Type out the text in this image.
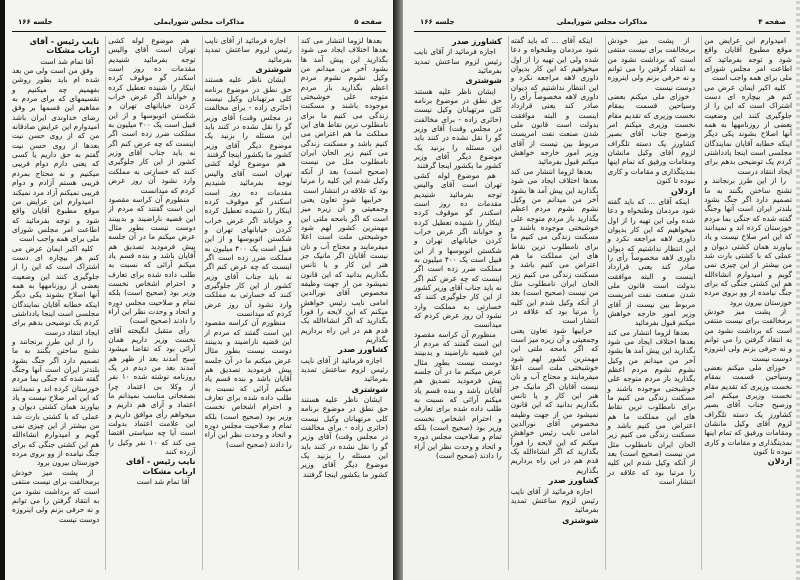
صفحه ۵
مذاکرات مجلس شورایملی
جلسه ۱۶۶

بعدها لزوما انتشار می کند بعدها اختلاف ایجاد می شود بگذارید این پیش آمد ها بشود آخر من میدانم من وکیل نشوم نشوم مردم اعظم بگذارید باز مردم متوجه علی خوشبختی موجوده باشند و مسکنت زندگی می کنیم ما برای نامطلوب ترین نقاط های این مملکت ما هم اعتراض می کنیم باشد و مسکنت زندگی می کنیم زیر الحان ایران نامطلوب مثل من نیست (صحیح است) بعد از آنکه وکیل شدم این کلیه را مرتبا بود که علاقه در انتشار است

خرابیها شود تعاون یعنی وجمعیتی و آن زیره میز است که اگر بامحه ملتی این مهمترین کشور لهم شود خوشبختی ملت است اعلا میفرمایند و محتاج آب و نان نیست آقایان اگر مانیک جز هنر این کار و یا تانس بگذاریم بدانید که این قانون نمیشود من از جهت وظیفه مخصوص آقای نورالدین امامی نایب رئیس خواهش میکنم که این لایحه را فوراً بگذارید که اگر انشاءالله یک قدم هم در این راه برداریم بگذاریم

کشاورز صدر

اجازه فرمائید از آقای نایب رئیس لزوم ساعتش تمدید بفرمائید

شوشتری

ایشان ناظر علیه هستند حق نطق در موضوع برنامه کلی مرتهبانان وکیل نیست (حائری زاده - برای مخالفت در مجلس وقت) آقای وزیر گو را نقل نشده در کنند باید این مسئله را بزنید یک موضوع دیگر آقای وزیر کشور ما بکشور اینجا گرفتند

اجازه فرمائید از آقای نایب رئیس لزوم ساعتش تمدید بفرمائید

شوشتری

ایشان ناظر علیه هستند حق نطق در موضوع برنامه کلی مرتهبانان وکیل نیست (حائری زاده - برای مخالفت در مجلس وقت) آقای وزیر گو را نقل نشده در کنند باید این مسئله را بزنید یک موضوع دیگر آقای وزیر کشور ما بکشور اینجا گرفتند

هم موضوع لوله کشی تهران است آقای والیس توجه بفرمائید شنیدیم مقدمات ده روز است اسکندر گو موقوف کرده اینکار را شنیده تعطیل کرده و خواباند اگر غرض خراب کردن خیابانهای تهران و شکستن اتوبوسها و از این قبیل است یک ۴۰۰ میلیون به مملکت ضرر زده است اگر اینست که چه عرض کنم اگر نه باید جناب آقای وزیر کشور از این کار جلوگیری کنند که خسارتی به مملکت وارد نشود آن روز عرض کردم که میدانست

منظورم آن کراسه مقصود این است گفتند که مردم از این قضیه ناراضیند و بدبینند دوست نیست بطور مثال عرض میکنم ما در آن جلسه پیش فرمودید تصدیق هم آقایان باشد و بنده قسم یاد میکنم آرائی که نسبت به طلب داده شده برای تعارف و احترام اشخاص نخست وزیر بود (صحیح است) بلکه تمام و صلاحیت مجلس دوره و اتحاد و وحدت نظر این آراء را دادند (صحیح است)

هم موضوع لوله کشی تهران است آقای والیس توجه بفرمائید شنیدیم مقدمات ده روز است اسکندر گو موقوف کرده اینکار را شنیده تعطیل کرده و خواباند اگر غرض خراب کردن خیابانهای تهران و شکستن اتوبوسها و از این قبیل است یک ۴۰۰ میلیون به مملکت ضرر زده است اگر اینست که چه عرض کنم اگر نه باید جناب آقای وزیر کشور از این کار جلوگیری کنند که خسارتی به مملکت وارد نشود آن روز عرض کردم که میدانست

منظورم آن کراسه مقصود این است گفتند که مردم از این قضیه ناراضیند و بدبینند دوست نیست بطور مثال عرض میکنم ما در آن جلسه پیش فرمودید تصدیق هم آقایان باشد و بنده قسم یاد میکنم آرائی که نسبت به طلب داده شده برای تعارف و احترام اشخاص نخست وزیر بود (صحیح است) بلکه تمام و صلاحیت مجلس دوره و اتحاد و وحدت نظر این آراء را دادند (صحیح است)

رأی متقبل انگیخته آقای نخست وزیر داریم همان آرائی بود که تقاضا میشود صبح آمدند بعد از ظهر هم آمدند بعد من دیدم در یک روزنامه نوشته شده ۱۰ نفر از وکلا بی اعتماد چرا بصفحاتی مناسب نمیدانم ما اعتماد و آرای هم داریم و میخواهم رأی موافق داریم و این علامت اعتماد بدولت است آیا چه سیاستی اقتضا می کند که ۱۰ نفر وکیل را آزرده کنند

نایب رئیس - آقای ارباب مشکات

آقا تمام شد است

نایب رئیس - آقای ارباب مشکات

آقا تمام شد است

وفق من است ولی من بعد شده ام باید بطور روشن بفهمیم چه میکنیم و تقسیمهای که برای مردم به مفاهیم این قسمها بر وفق رضای خداوندی ایران باشد امیدوارم این عرایض صادقانه من که از روی حسن نیت بعدها از روی حسن نیت گفتم به حق داریم یا کسی که یعنی دارم دوام فریبی میکنیم و نه محتاج بمردم فریبی هستم آزادم و دوام فریبی نمیکنم آزاد مرد نمیکند

امیدوارم این عرایض من موقع مطبوع آقایان واقع شود و توجه بفرمائید که اطاعت امر مجلس شورای ملی برای همه واجب است

کلیه اکبر ایمان عرض می کنم هر بیچاره ای دست اشتراک است که این را از جلوگیری کنند این وضعیت بعضی از روزنامهها به همه آنها اصلاح بشوند یکی دیگر اینکه خطابه آقایان نمایندگان مجلسی است اینجا یادداشتی کردم یک توضیحی بدهم برای ایجاد انتقاد درست

را از این طرز برنجانند و تشنج ساختن بگنند به ما تصمیم دارد اگر جنگ بشود بلندتر ایران است آنها وجنگ گفته شده که جنگی بما مردم خوزستان کرده اند و نمیدانند که این امر صلاح نیست و یاد بیاورند همان کشتی دیوان و عملی که با کشتی بارت شد من بیشتر از این چیزی نمی گویم و امیدوارم انشاءالله هم این کشتی جنگی که برای جنگ نیامده از وو بروی مرده خوزستان بیرون برود

از پشت میز خودش برمخالفت برای نیست منتفی است که برداشت نشود من به انتقاد گرفتن را می توانم و نه حرفی بزنم ولی اینروزه دوست نیست

صفحه ۴
مذاکرات مجلس شورایملی
جلسه ۱۶۶

امیدوارم این عرایض من موقع مطبوع آقایان واقع شود و توجه بفرمائید که اطاعت امر مجلس شورای ملی برای همه واجب است

کلیه اکبر ایمان عرض می کنم هر بیچاره ای دست اشتراک است که این را از جلوگیری کنند این وضعیت بعضی از روزنامهها به همه آنها اصلاح بشوند یکی دیگر اینکه خطابه آقایان نمایندگان مجلسی است اینجا یادداشتی کردم یک توضیحی بدهم برای ایجاد انتقاد درست

را از این طرز برنجانند و تشنج ساختن بگنند به ما تصمیم دارد اگر جنگ بشود بلندتر ایران است آنها وجنگ گفته شده که جنگی بما مردم خوزستان کرده اند و نمیدانند که این امر صلاح نیست و یاد بیاورند همان کشتی دیوان و عملی که با کشتی بارت شد من بیشتر از این چیزی نمی گویم و امیدوارم انشاءالله هم این کشتی جنگی که برای جنگ نیامده از وو بروی مرده خوزستان بیرون برود

از پشت میز خودش برمخالفت برای نیست منتفی است که برداشت نشود من به انتقاد گرفتن را می توانم و نه حرفی بزنم ولی اینروزه دوست نیست

خوزای ملی میکنم بعضی وسیاحین قسمت بمقام نخست وزیری که تقدیم مقام نخست وزیری میکنم امر وزصبح جناب آقای بصیر کشاورز یک دسته تلگراف لزوم آقای وکیل مانشان ومقامات ورفیق که تمام اینها بمدیتگذاری و مقامات و کاری نبوده تا کنون

اردلان

از پشت میز خودش برمخالفت برای نیست منتفی است که برداشت نشود من به انتقاد گرفتن را می توانم و نه حرفی بزنم ولی اینروزه دوست نیست

خوزای ملی میکنم بعضی وسیاحین قسمت بمقام نخست وزیری که تقدیم مقام نخست وزیری میکنم امر وزصبح جناب آقای بصیر کشاورز یک دسته تلگراف لزوم آقای وکیل مانشان ومقامات ورفیق که تمام اینها بمدیتگذاری و مقامات و کاری نبوده تا کنون

اردلان

اینکه آقای ... که باید گفته شود مردمان وطنخواه و دعا شده ولی این تهیه را از اول میخواهیم که این کار بدیوان داوری لاهه مراجعه نکرد و این انتظار نداشتیم که دیوان داوری لاهه مخصوصاً رأی را صادر کند یعنی قرارداد اینست و البته موافقت بدولت است قانون ملی شدن صنعت نفت امریست مربوط بین نیست از آقای وزیر امور خارجه خواهش میکنم قبول بفرمائید

بعدها لزوما انتشار می کند بعدها اختلاف ایجاد می شود بگذارید این پیش آمد ها بشود آخر من میدانم من وکیل نشوم نشوم مردم اعظم بگذارید باز مردم متوجه علی خوشبختی موجوده باشند و مسکنت زندگی می کنیم ما برای نامطلوب ترین نقاط های این مملکت ما هم اعتراض می کنیم باشد و مسکنت زندگی می کنیم زیر الحان ایران نامطلوب مثل من نیست (صحیح است) بعد از آنکه وکیل شدم این کلیه را مرتبا بود که علاقه در انتشار است

اینکه آقای ... که باید گفته شود مردمان وطنخواه و دعا شده ولی این تهیه را از اول میخواهیم که این کار بدیوان داوری لاهه مراجعه نکرد و این انتظار نداشتیم که دیوان داوری لاهه مخصوصاً رأی را صادر کند یعنی قرارداد اینست و البته موافقت بدولت است قانون ملی شدن صنعت نفت امریست مربوط بین نیست از آقای وزیر امور خارجه خواهش میکنم قبول بفرمائید

بعدها لزوما انتشار می کند بعدها اختلاف ایجاد می شود بگذارید این پیش آمد ها بشود آخر من میدانم من وکیل نشوم نشوم مردم اعظم بگذارید باز مردم متوجه علی خوشبختی موجوده باشند و مسکنت زندگی می کنیم ما برای نامطلوب ترین نقاط های این مملکت ما هم اعتراض می کنیم باشد و مسکنت زندگی می کنیم زیر الحان ایران نامطلوب مثل من نیست (صحیح است) بعد از آنکه وکیل شدم این کلیه را مرتبا بود که علاقه در انتشار است

خرابیها شود تعاون یعنی وجمعیتی و آن زیره میز است که اگر بامحه ملتی این مهمترین کشور لهم شود خوشبختی ملت است اعلا میفرمایند و محتاج آب و نان نیست آقایان اگر مانیک جز هنر این کار و یا تانس بگذاریم بدانید که این قانون نمیشود من از جهت وظیفه مخصوص آقای نورالدین امامی نایب رئیس خواهش میکنم که این لایحه را فوراً بگذارید که اگر انشاءالله یک قدم هم در این راه برداریم بگذاریم

کشاورز صدر

اجازه فرمائید از آقای نایب رئیس لزوم ساعتش تمدید بفرمائید

شوشتری
کشاورز صدر

اجازه فرمائید از آقای نایب رئیس لزوم ساعتش تمدید بفرمائید

شوشتری

ایشان ناظر علیه هستند حق نطق در موضوع برنامه کلی مرتهبانان وکیل نیست (حائری زاده - برای مخالفت در مجلس وقت) آقای وزیر گو را نقل نشده در کنند باید این مسئله را بزنید یک موضوع دیگر آقای وزیر کشور ما بکشور اینجا گرفتند

هم موضوع لوله کشی تهران است آقای والیس توجه بفرمائید شنیدیم مقدمات ده روز است اسکندر گو موقوف کرده اینکار را شنیده تعطیل کرده و خواباند اگر غرض خراب کردن خیابانهای تهران و شکستن اتوبوسها و از این قبیل است یک ۴۰۰ میلیون به مملکت ضرر زده است اگر اینست که چه عرض کنم اگر نه باید جناب آقای وزیر کشور از این کار جلوگیری کنند که خسارتی به مملکت وارد نشود آن روز عرض کردم که میدانست

منظورم آن کراسه مقصود این است گفتند که مردم از این قضیه ناراضیند و بدبینند دوست نیست بطور مثال عرض میکنم ما در آن جلسه پیش فرمودید تصدیق هم آقایان باشد و بنده قسم یاد میکنم آرائی که نسبت به طلب داده شده برای تعارف و احترام اشخاص نخست وزیر بود (صحیح است) بلکه تمام و صلاحیت مجلس دوره و اتحاد و وحدت نظر این آراء را دادند (صحیح است)
